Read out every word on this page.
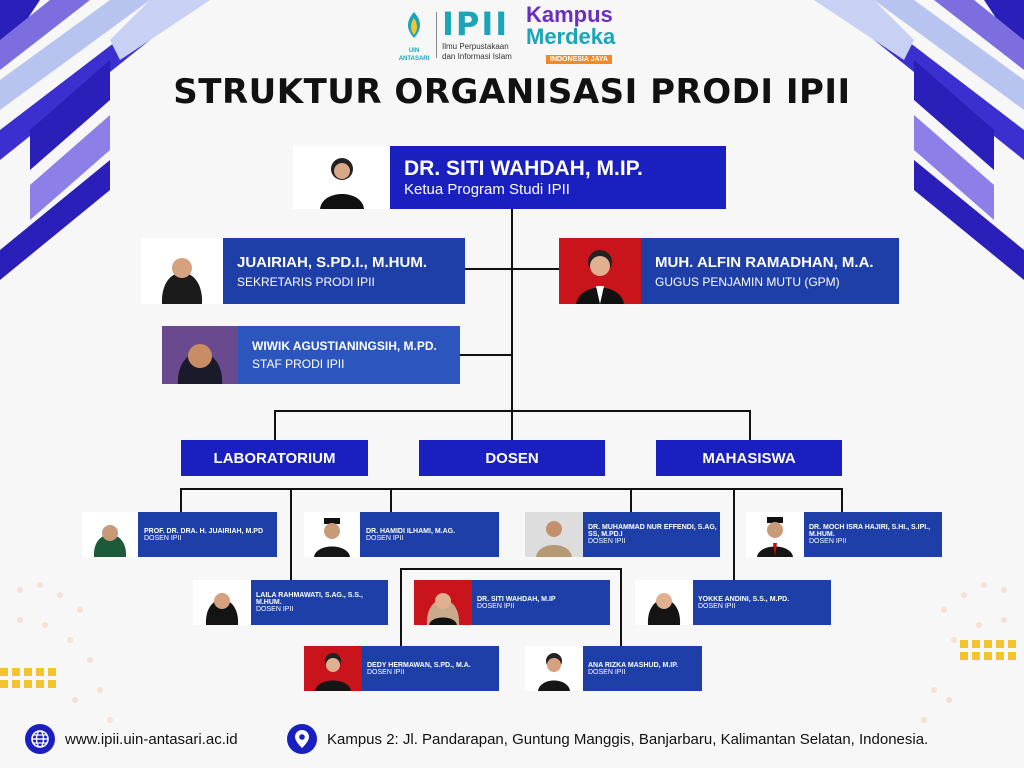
UIN ANTASARI
IPII
Ilmu Perpustakaan
dan Informasi Islam
Kampus
Merdeka
INDONESIA JAYA
STRUKTUR ORGANISASI PRODI IPII
DR. SITI WAHDAH, M.IP.
Ketua Program Studi IPII
JUAIRIAH, S.PD.I., M.HUM.
SEKRETARIS PRODI IPII
MUH. ALFIN RAMADHAN, M.A.
GUGUS PENJAMIN MUTU (GPM)
WIWIK AGUSTIANINGSIH, M.PD.
STAF PRODI IPII
LABORATORIUM	DOSEN	MAHASISWA
PROF. DR. DRA. H. JUAIRIAH, M.PD
DOSEN IPII
DR. HAMIDI ILHAMI, M.AG.
DOSEN IPII
DR. MUHAMMAD NUR EFFENDI, S.AG, SS, M.PD.I
DOSEN IPII
DR. MOCH ISRA HAJIRI, S.HI., S.IPI., M.HUM.
DOSEN IPII
LAILA RAHMAWATI, S.AG., S.S., M.HUM.
DOSEN IPII
DR. SITI WAHDAH, M.IP
DOSEN IPII
YOKKE ANDINI, S.S., M.PD.
DOSEN IPII
DEDY HERMAWAN, S.PD., M.A.
DOSEN IPII
ANA RIZKA MASHUD, M.IP.
DOSEN IPII
www.ipii.uin-antasari.ac.id	Kampus 2: Jl. Pandarapan, Guntung Manggis, Banjarbaru, Kalimantan Selatan, Indonesia.
